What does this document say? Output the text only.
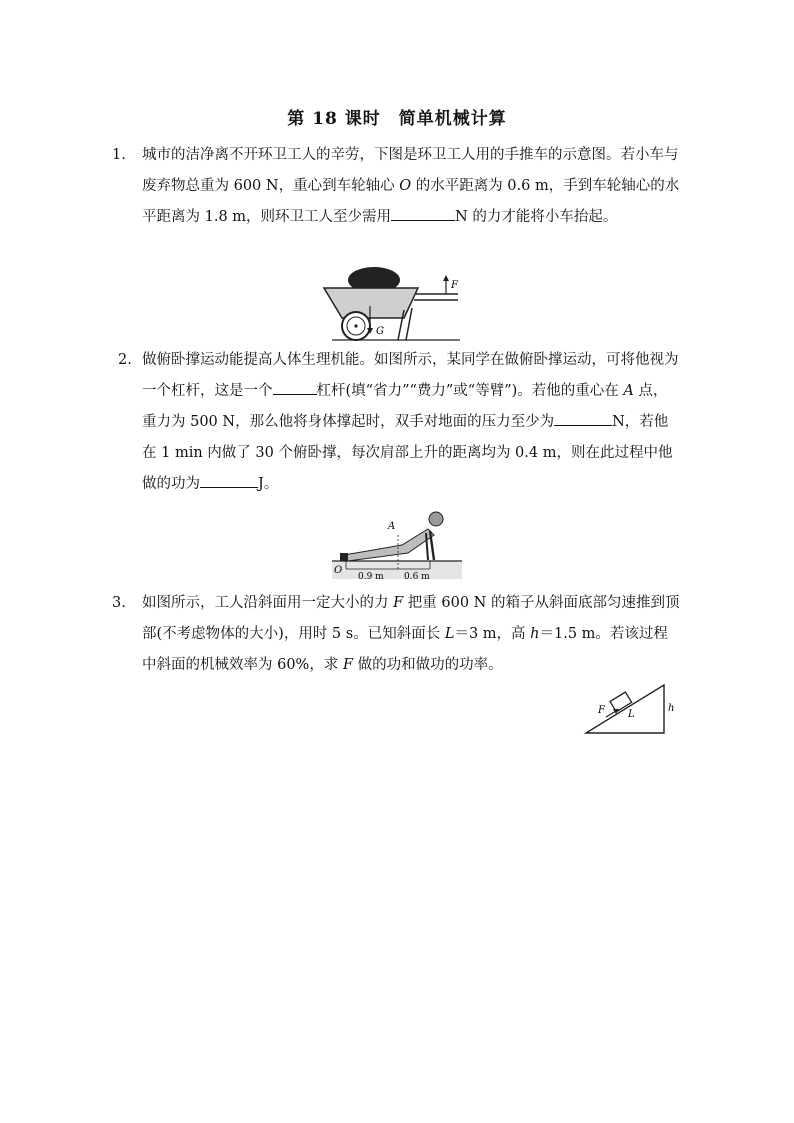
第 18 课时　简单机械计算
1. 城市的洁净离不开环卫工人的辛劳，下图是环卫工人用的手推车的示意图。若小车与废弃物总重为 600 N，重心到车轮轴心 O 的水平距离为 0.6 m，手到车轮轴心的水平距离为 1.8 m，则环卫工人至少需用	N 的力才能将小车抬起。
G
F
2. 做俯卧撑运动能提高人体生理机能。如图所示，某同学在做俯卧撑运动，可将他视为一个杠杆，这是一个	杠杆(填“省力”“费力”或“等臂”)。若他的重心在 A 点，重力为 500 N，那么他将身体撑起时，双手对地面的压力至少为	N，若他在 1 min 内做了 30 个俯卧撑，每次肩部上升的距离均为 0.4 m，则在此过程中他做的功为	J。
A
O
0.9 m 0.6 m
3. 如图所示，工人沿斜面用一定大小的力 F 把重 600 N 的箱子从斜面底部匀速推到顶部(不考虑物体的大小)，用时 5 s。已知斜面长 L＝3 m，高 h＝1.5 m。若该过程中斜面的机械效率为 60%，求 F 做的功和做功的功率。
F L
h
